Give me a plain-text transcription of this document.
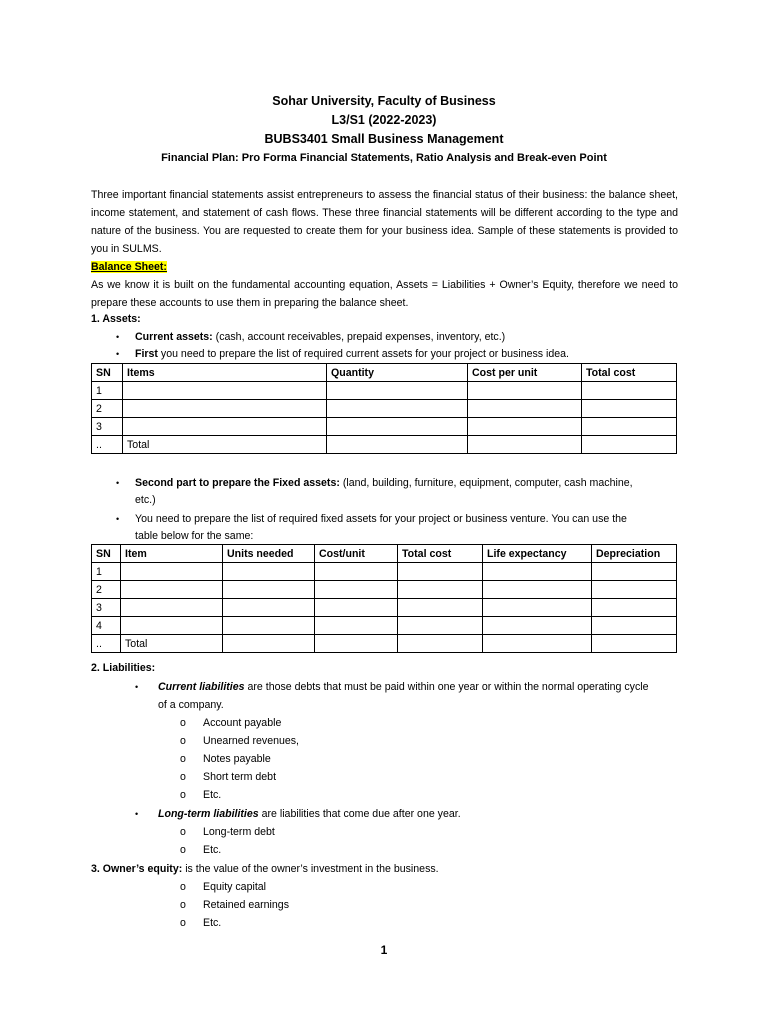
Sohar University, Faculty of Business
L3/S1 (2022-2023)
BUBS3401 Small Business Management
Financial Plan: Pro Forma Financial Statements, Ratio Analysis and Break-even Point
Three important financial statements assist entrepreneurs to assess the financial status of their business: the balance sheet, income statement, and statement of cash flows. These three financial statements will be different according to the type and nature of the business. You are requested to create them for your business idea. Sample of these statements is provided to you in SULMS.
Balance Sheet:
As we know it is built on the fundamental accounting equation, Assets = Liabilities + Owner’s Equity, therefore we need to prepare these accounts to use them in preparing the balance sheet.
1. Assets:
• Current assets: (cash, account receivables, prepaid expenses, inventory, etc.)
• First you need to prepare the list of required current assets for your project or business idea.
SN	Items	Quantity	Cost per unit	Total cost
1				
2				
3				
..	Total			
• Second part to prepare the Fixed assets: (land, building, furniture, equipment, computer, cash machine,
etc.)
• You need to prepare the list of required fixed assets for your project or business venture. You can use the
table below for the same:
SN	Item	Units needed	Cost/unit	Total cost	Life expectancy	Depreciation
1						
2						
3						
4						
..	Total					
2. Liabilities:
• Current liabilities are those debts that must be paid within one year or within the normal operating cycle
of a company.
o Account payable
o Unearned revenues,
o Notes payable
o Short term debt
o Etc.
• Long-term liabilities are liabilities that come due after one year.
o Long-term debt
o Etc.
3. Owner’s equity: is the value of the owner’s investment in the business.
o Equity capital
o Retained earnings
o Etc.
1
